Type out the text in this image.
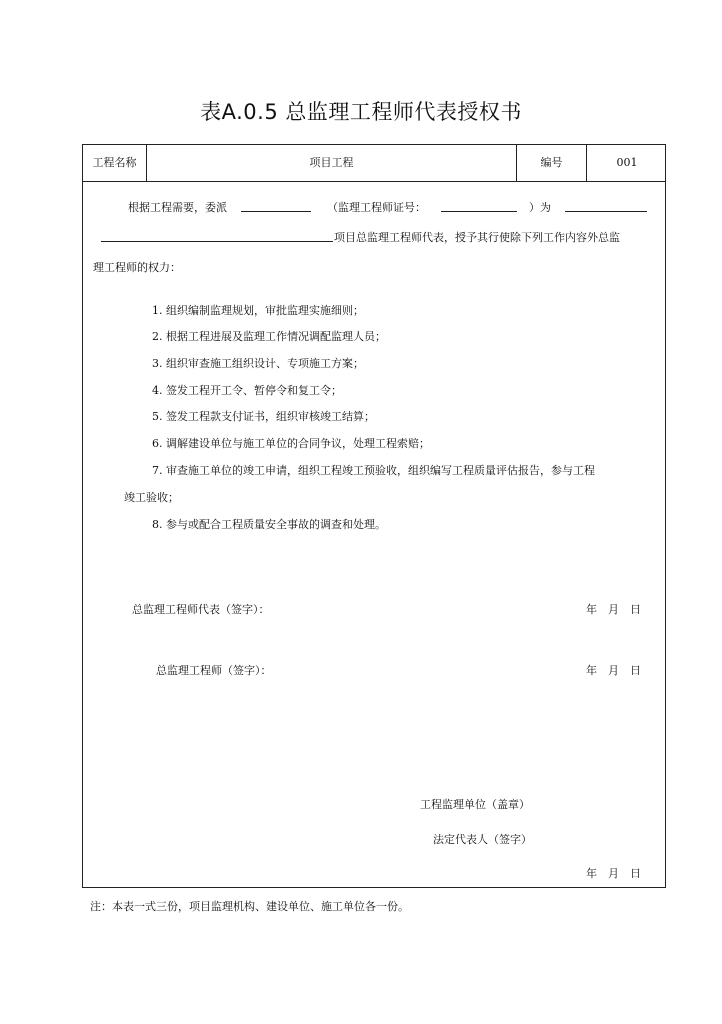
表A.0.5 总监理工程师代表授权书
工程名称	项目工程	编号	001
根据工程需要，委派	（监理工程师证号：	）为
项目总监理工程师代表，授予其行使除下列工作内容外总监
理工程师的权力：
1. 组织编制监理规划，审批监理实施细则；
2. 根据工程进展及监理工作情况调配监理人员；
3. 组织审查施工组织设计、专项施工方案；
4. 签发工程开工令、暂停令和复工令；
5. 签发工程款支付证书，组织审核竣工结算；
6. 调解建设单位与施工单位的合同争议，处理工程索赔；
7. 审查施工单位的竣工申请，组织工程竣工预验收，组织编写工程质量评估报告，参与工程
竣工验收；
8. 参与或配合工程质量安全事故的调查和处理。
总监理工程师代表（签字）：	年　月　日
总监理工程师（签字）：	年　月　日
工程监理单位（盖章）
法定代表人（签字）
年　月　日
注：本表一式三份，项目监理机构、建设单位、施工单位各一份。
